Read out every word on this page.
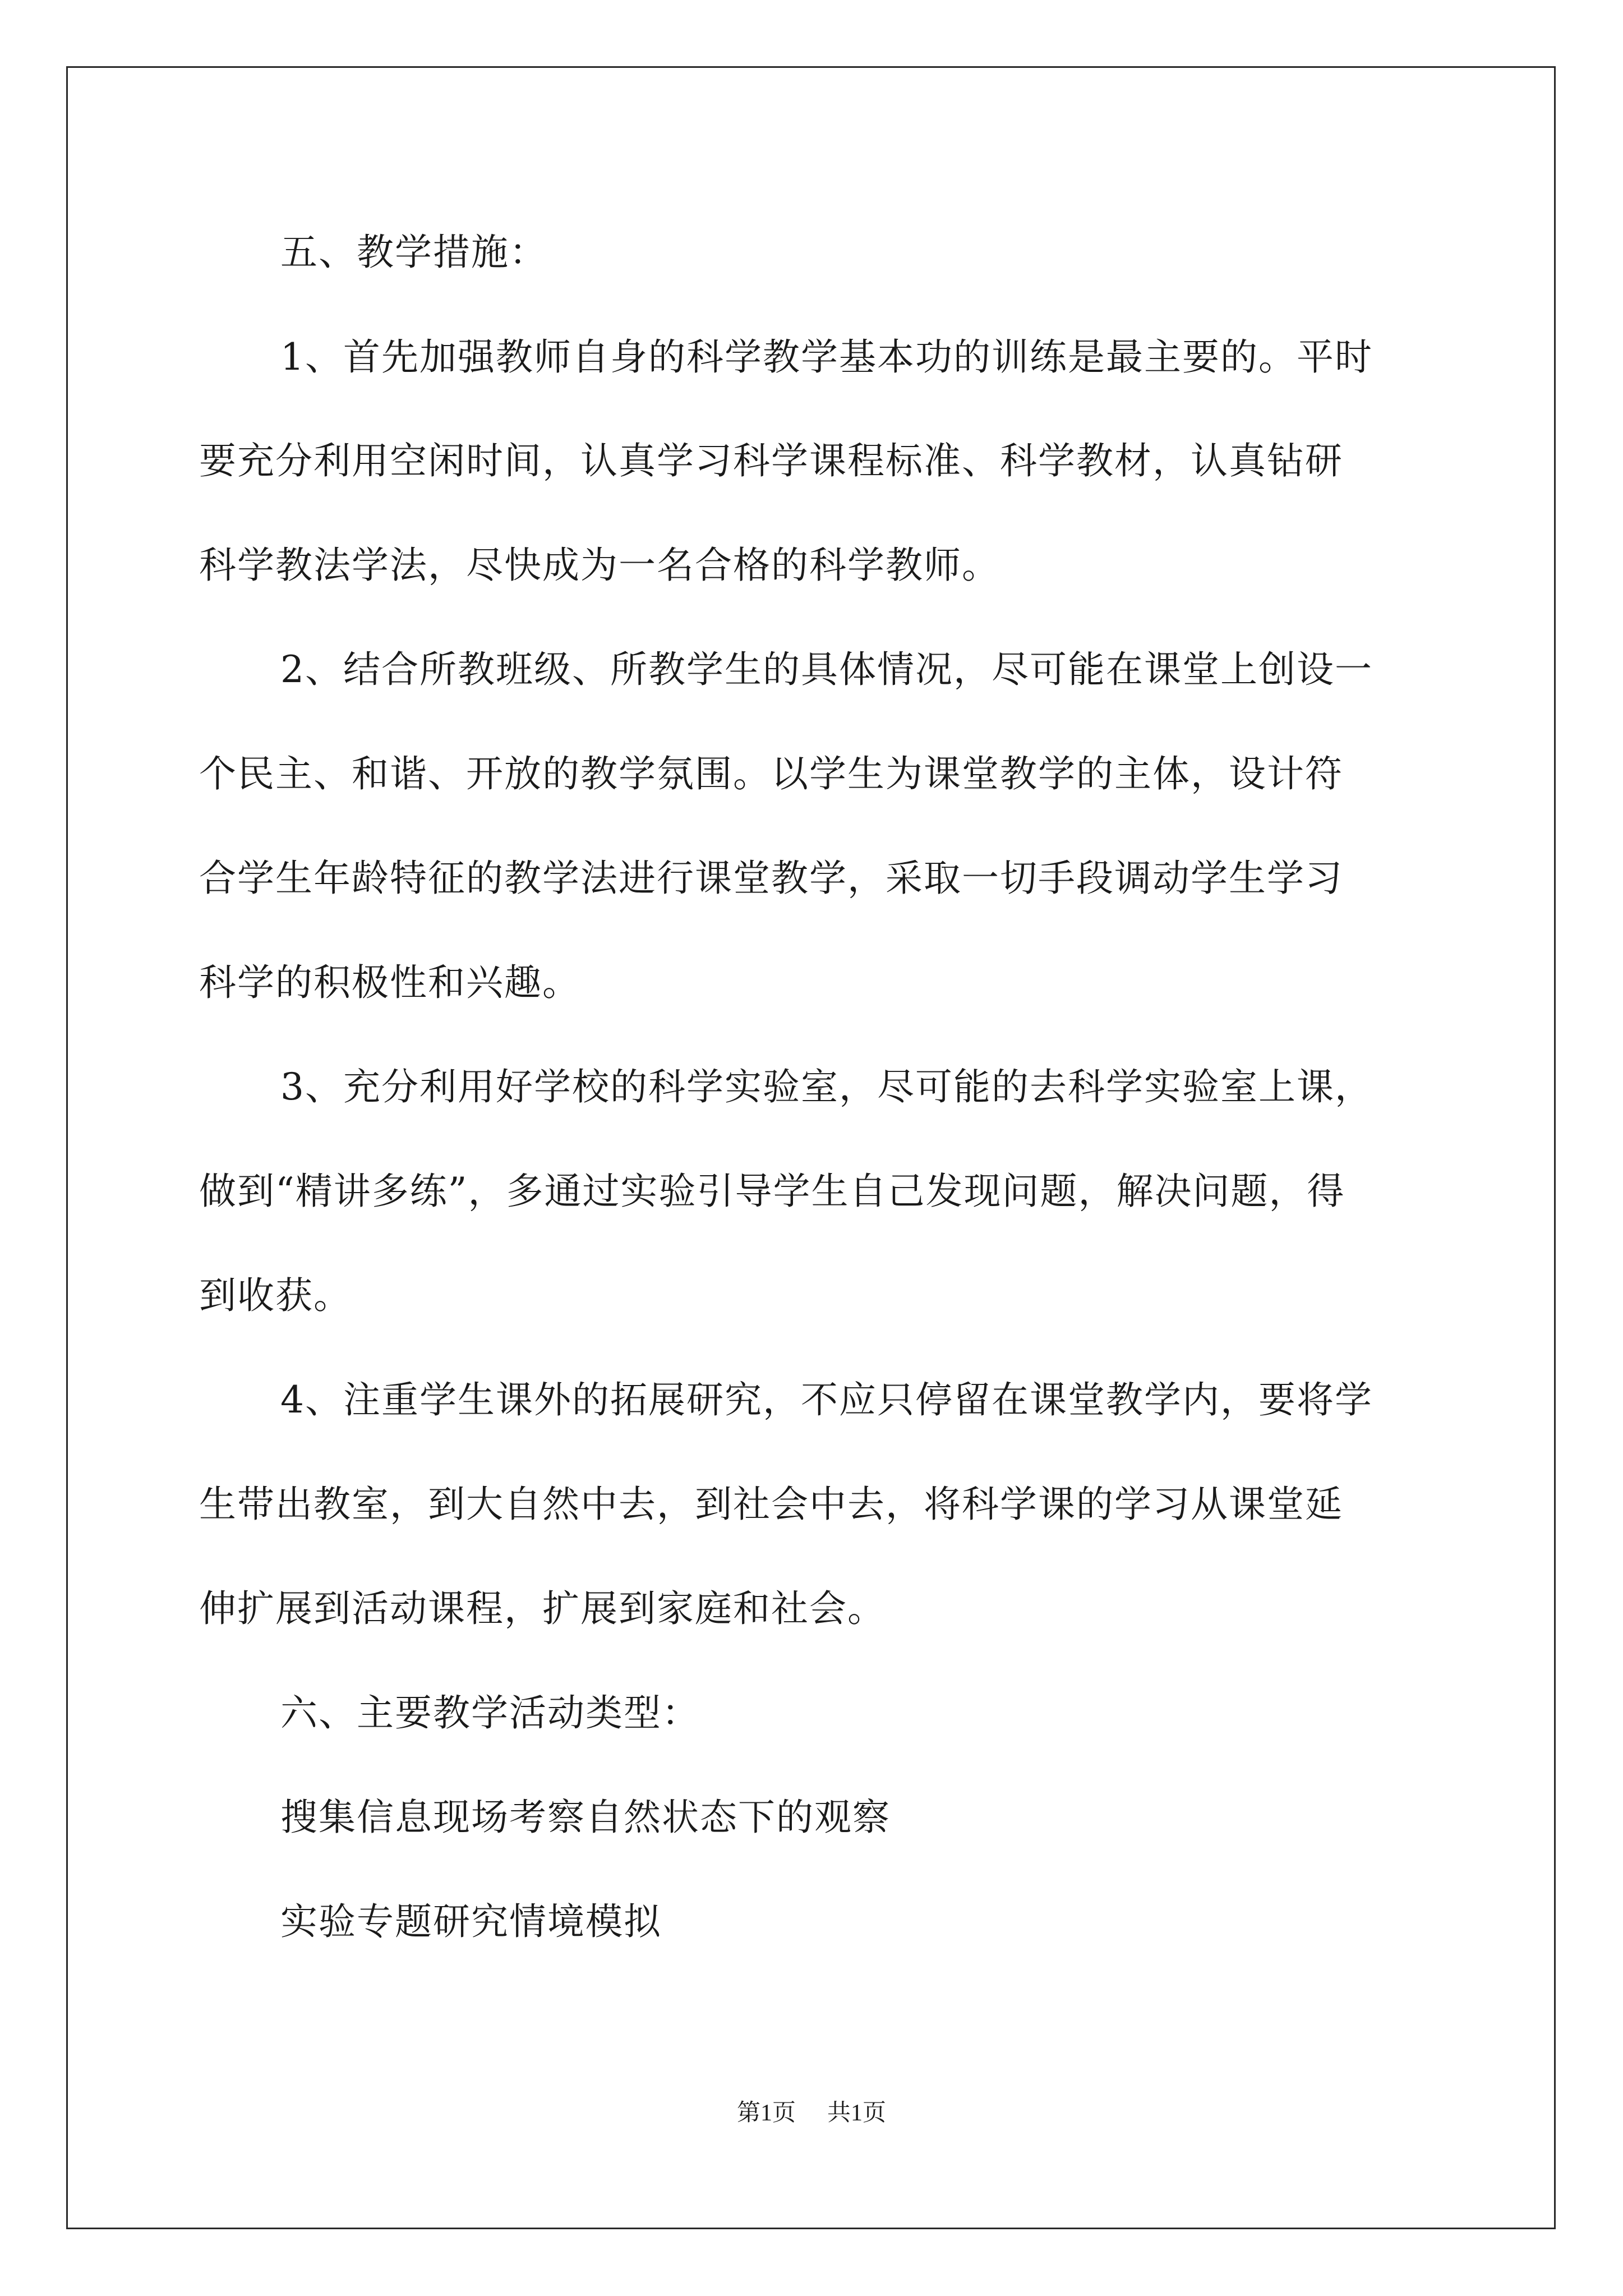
五、教学措施：
1、首先加强教师自身的科学教学基本功的训练是最主要的。平时
要充分利用空闲时间，认真学习科学课程标准、科学教材，认真钻研
科学教法学法，尽快成为一名合格的科学教师。
2、结合所教班级、所教学生的具体情况，尽可能在课堂上创设一
个民主、和谐、开放的教学氛围。以学生为课堂教学的主体，设计符
合学生年龄特征的教学法进行课堂教学，采取一切手段调动学生学习
科学的积极性和兴趣。
3、充分利用好学校的科学实验室，尽可能的去科学实验室上课，
做到“精讲多练”，多通过实验引导学生自己发现问题，解决问题，得
到收获。
4、注重学生课外的拓展研究，不应只停留在课堂教学内，要将学
生带出教室，到大自然中去，到社会中去，将科学课的学习从课堂延
伸扩展到活动课程，扩展到家庭和社会。
六、主要教学活动类型：
搜集信息现场考察自然状态下的观察
实验专题研究情境模拟
第1页 共1页
